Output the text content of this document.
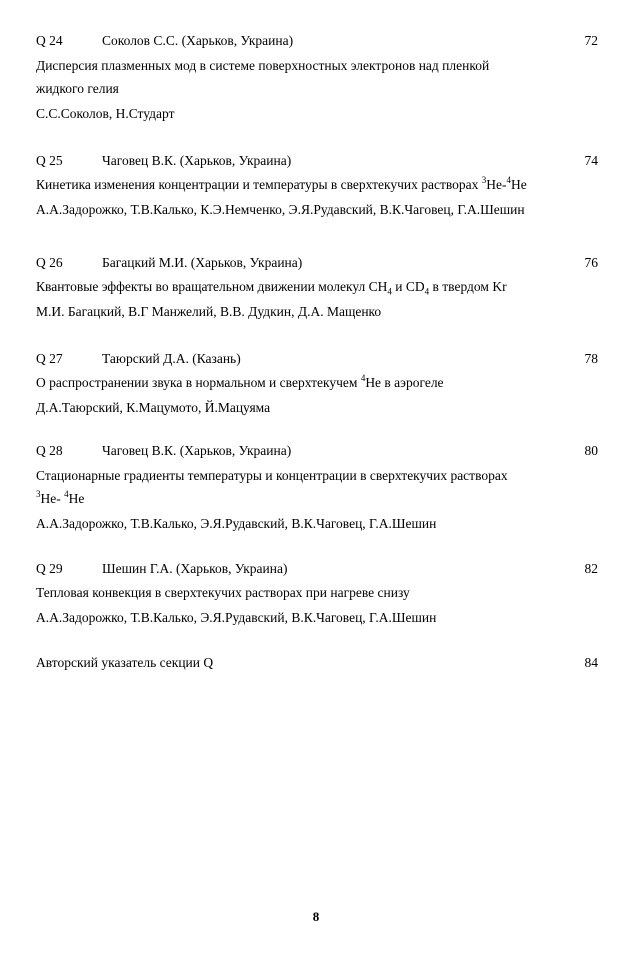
Q 24	Соколов С.С. (Харьков, Украина)	72
Дисперсия плазменных мод в системе поверхностных электронов над пленкой
жидкого гелия
С.С.Соколов, Н.Стударт
Q 25	Чаговец В.К. (Харьков, Украина)	74
Кинетика изменения концентрации и температуры в сверхтекучих растворах $^3$He-$^4$He
А.А.Задорожко, Т.В.Калько, К.Э.Немченко, Э.Я.Рудавский, В.К.Чаговец, Г.А.Шешин
Q 26	Багацкий М.И. (Харьков, Украина)	76
Квантовые эффекты во вращательном движении молекул $CH_4$ и $CD_4$ в твердом Kr
М.И. Багацкий, В.Г Манжелий, В.В. Дудкин, Д.А. Мащенко
Q 27	Таюрский Д.А. (Казань)	78
О распространении звука в нормальном и сверхтекучем $^4$He в аэрогеле
Д.А.Таюрский, К.Мацумото, Й.Мацуяма
Q 28	Чаговец В.К. (Харьков, Украина)	80
Стационарные градиенты температуры и концентрации в сверхтекучих растворах
$^3$He- $^4$He
А.А.Задорожко, Т.В.Калько, Э.Я.Рудавский, В.К.Чаговец, Г.А.Шешин
Q 29	Шешин Г.А. (Харьков, Украина)	82
Тепловая конвекция в сверхтекучих растворах при нагреве снизу
А.А.Задорожко, Т.В.Калько, Э.Я.Рудавский, В.К.Чаговец, Г.А.Шешин
Авторский указатель секции Q	84
8
